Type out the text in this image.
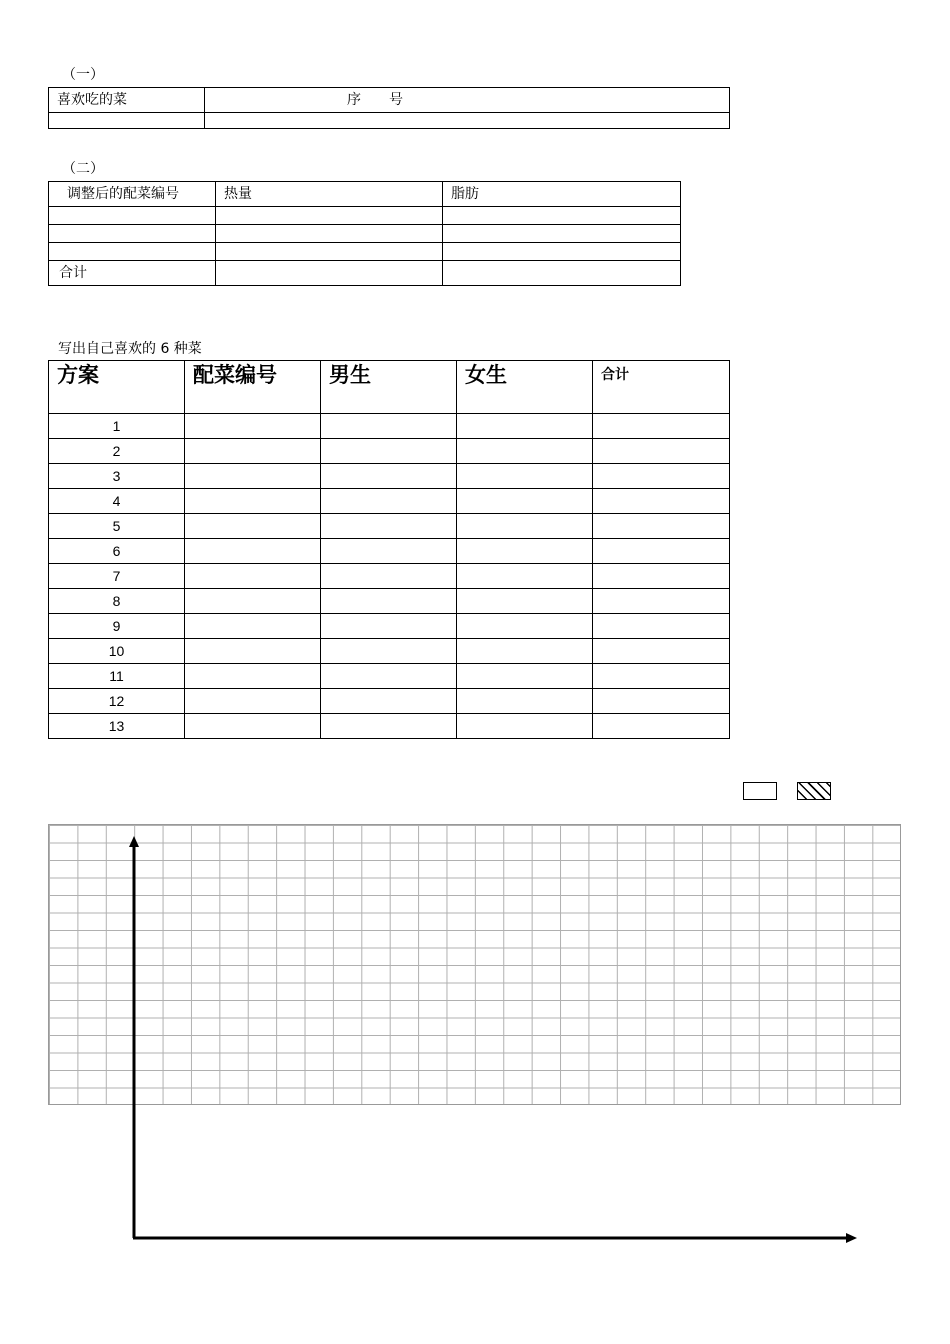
（一）
喜欢吃的菜	序　　号

（二）
调整后的配菜编号	热量	脂肪

合计		
写出自己喜欢的 6 种菜
方案	配菜编号	男生	女生	合计
1				
2				
3				
4				
5				
6				
7				
8				
9				
10				
11				
12				
13				
